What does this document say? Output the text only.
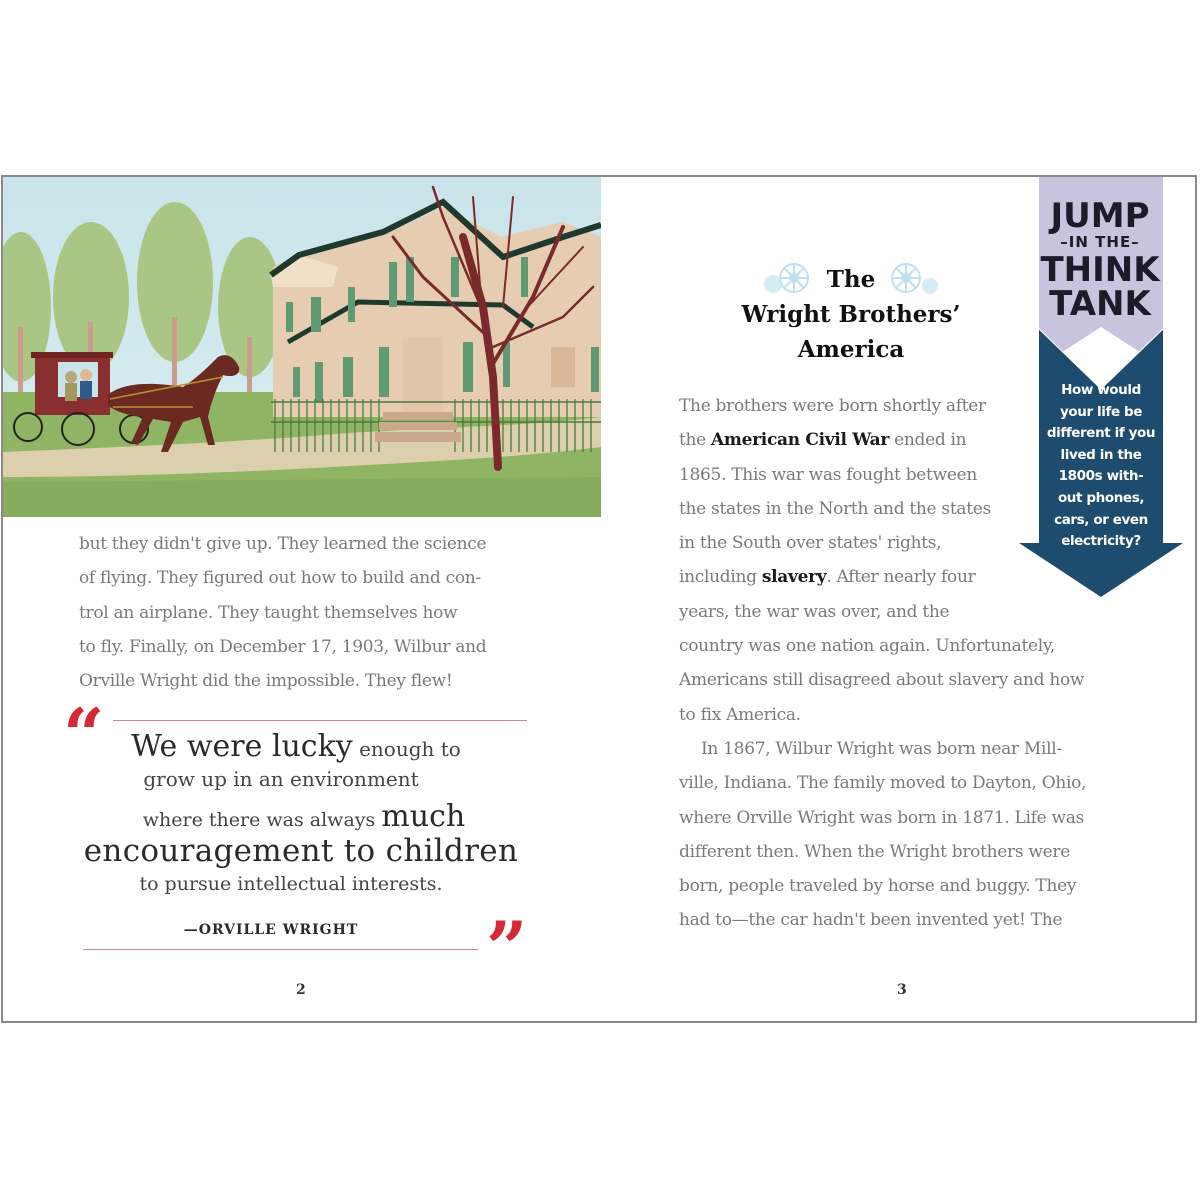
but they didn't give up. They learned the science
of flying. They figured out how to build and con-
trol an airplane. They taught themselves how
to fly. Finally, on December 17, 1903, Wilbur and
Orville Wright did the impossible. They flew!
“ We were lucky enough to
grow up in an environment
where there was always much
encouragement to children
to pursue intellectual interests.
—ORVILLE WRIGHT	”
2
The
Wright Brothers’
America
The brothers were born shortly after
the American Civil War ended in
1865. This war was fought between
the states in the North and the states
in the South over states' rights,
including slavery. After nearly four
years, the war was over, and the
country was one nation again. Unfortunately,
Americans still disagreed about slavery and how
to fix America.
In 1867, Wilbur Wright was born near Mill-
ville, Indiana. The family moved to Dayton, Ohio,
where Orville Wright was born in 1871. Life was
different then. When the Wright brothers were
born, people traveled by horse and buggy. They
had to—the car hadn't been invented yet! The
JUMP
–IN THE–
THINK
TANK
How would
your life be
different if you
lived in the
1800s with-
out phones,
cars, or even
electricity?
3
